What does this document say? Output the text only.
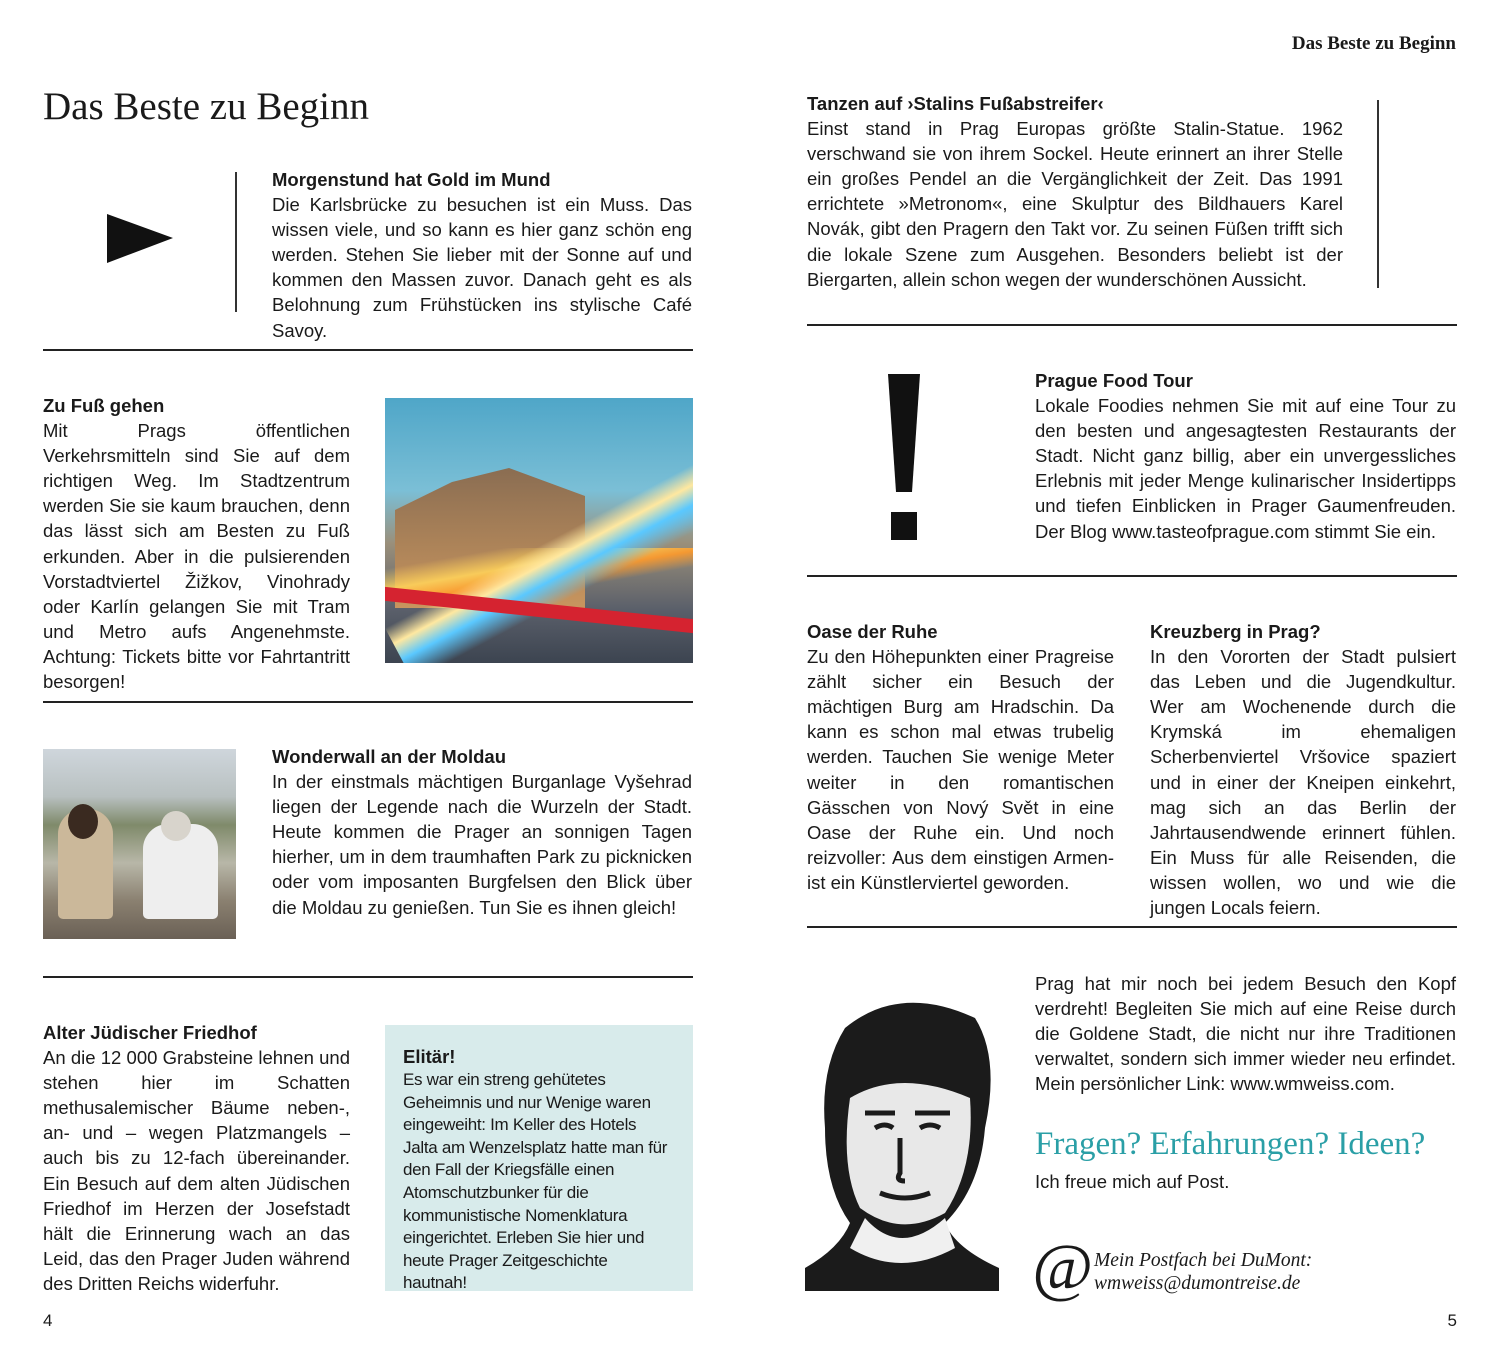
Das Beste zu Beginn
Das Beste zu Beginn
Morgenstund hat Gold im Mund

Die Karlsbrücke zu besuchen ist ein Muss. Das wissen viele, und so kann es hier ganz schön eng werden. Stehen Sie lieber mit der Sonne auf und kommen den Massen zuvor. Danach geht es als Belohnung zum Frühstücken ins stylische Café Savoy.

Zu Fuß gehen

Mit Prags öffentlichen Verkehrsmitteln sind Sie auf dem richtigen Weg. Im Stadtzentrum werden Sie sie kaum brauchen, denn das lässt sich am Besten zu Fuß erkunden. Aber in die pulsierenden Vorstadtviertel Žižkov, Vinohrady oder Karlín gelangen Sie mit Tram und Metro aufs Angenehmste. Achtung: Tickets bitte vor Fahrtantritt besorgen!

Wonderwall an der Moldau

In der einstmals mächtigen Burganlage Vyšehrad liegen der Legende nach die Wurzeln der Stadt. Heute kommen die Prager an sonnigen Tagen hierher, um in dem traumhaften Park zu picknicken oder vom imposanten Burgfelsen den Blick über die Moldau zu genießen. Tun Sie es ihnen gleich!

Alter Jüdischer Friedhof

An die 12 000 Grabsteine lehnen und stehen hier im Schatten methusalemischer Bäume neben-, an- und – wegen Platzmangels – auch bis zu 12-fach übereinander. Ein Besuch auf dem alten Jüdischen Friedhof im Herzen der Josefstadt hält die Erinnerung wach an das Leid, das den Prager Juden während des Dritten Reichs widerfuhr.

Elitär!

Es war ein streng gehütetes Geheimnis und nur Wenige waren eingeweiht: Im Keller des Hotels Jalta am Wenzelsplatz hatte man für den Fall der Kriegsfälle einen Atomschutzbunker für die kommunistische Nomenklatura eingerichtet. Erleben Sie hier und heute Prager Zeitgeschichte hautnah!

4
Tanzen auf ›Stalins Fußabstreifer‹

Einst stand in Prag Europas größte Stalin-Statue. 1962 verschwand sie von ihrem Sockel. Heute erinnert an ihrer Stelle ein großes Pendel an die Vergänglichkeit der Zeit. Das 1991 errichtete »Metronom«, eine Skulptur des Bildhauers Karel Novák, gibt den Pragern den Takt vor. Zu seinen Füßen trifft sich die lokale Szene zum Ausgehen. Besonders beliebt ist der Biergarten, allein schon wegen der wunderschönen Aussicht.

Prague Food Tour

Lokale Foodies nehmen Sie mit auf eine Tour zu den besten und angesagtesten Restaurants der Stadt. Nicht ganz billig, aber ein unvergessliches Erlebnis mit jeder Menge kulinarischer Insidertipps und tiefen Einblicken in Prager Gaumenfreuden. Der Blog www.tasteofprague.com stimmt Sie ein.

Oase der Ruhe

Zu den Höhepunkten einer Pragreise zählt sicher ein Besuch der mächtigen Burg am Hradschin. Da kann es schon mal etwas trubelig werden. Tauchen Sie wenige Meter weiter in den romantischen Gässchen von Nový Svět in eine Oase der Ruhe ein. Und noch reizvoller: Aus dem einstigen Armen- ist ein Künstlerviertel geworden.

Kreuzberg in Prag?

In den Vororten der Stadt pulsiert das Leben und die Jugendkultur. Wer am Wochenende durch die Krymská im ehemaligen Scherbenviertel Vršovice spaziert und in einer der Kneipen einkehrt, mag sich an das Berlin der Jahrtausendwende erinnert fühlen. Ein Muss für alle Reisenden, die wissen wollen, wo und wie die jungen Locals feiern.

Prag hat mir noch bei jedem Besuch den Kopf verdreht! Begleiten Sie mich auf eine Reise durch die Goldene Stadt, die nicht nur ihre Traditionen verwaltet, sondern sich immer wieder neu erfindet. Mein persönlicher Link: www.wmweiss.com.
Fragen? Erfahrungen? Ideen?
Ich freue mich auf Post.
@ Mein Postfach bei DuMont:
wmweiss@dumontreise.de
5
